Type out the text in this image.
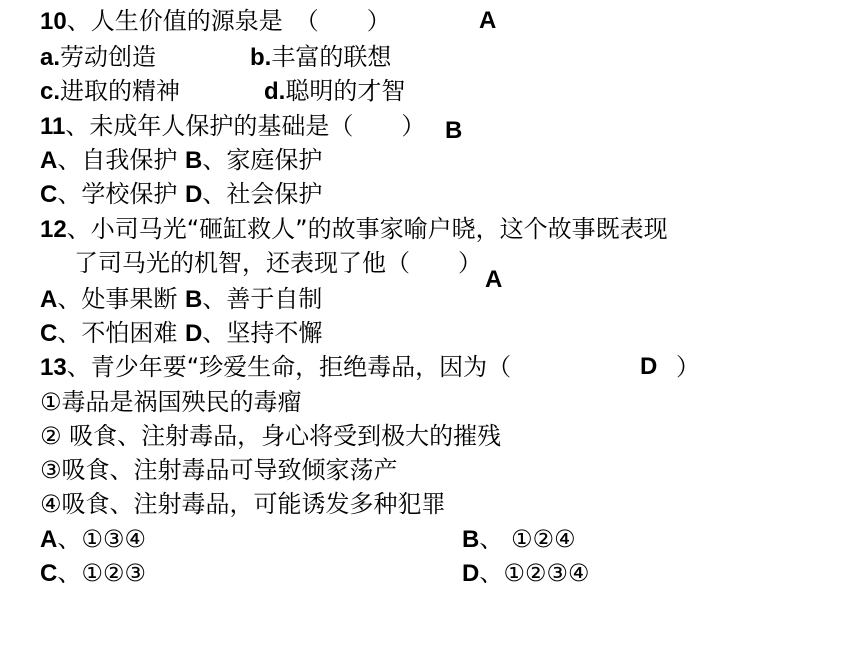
10、人生价值的源泉是　（　　）	A
a.劳动创造	b.丰富的联想
c.进取的精神	d.聪明的才智
11、未成年人保护的基础是（　　） B
A、自我保护 B、家庭保护
C、学校保护 D、社会保护
12、小司马光“砸缸救人”的故事家喻户晓，这个故事既表现
了司马光的机智，还表现了他（　　）
A
A、处事果断 B、善于自制
C、不怕困难 D、坚持不懈
13、青少年要“珍爱生命，拒绝毒品，因为（	D ）
①毒品是祸国殃民的毒瘤
② 吸食、注射毒品，身心将受到极大的摧残
③吸食、注射毒品可导致倾家荡产
④吸食、注射毒品，可能诱发多种犯罪
A、①③④	B、 ①②④
C、①②③	D、①②③④
